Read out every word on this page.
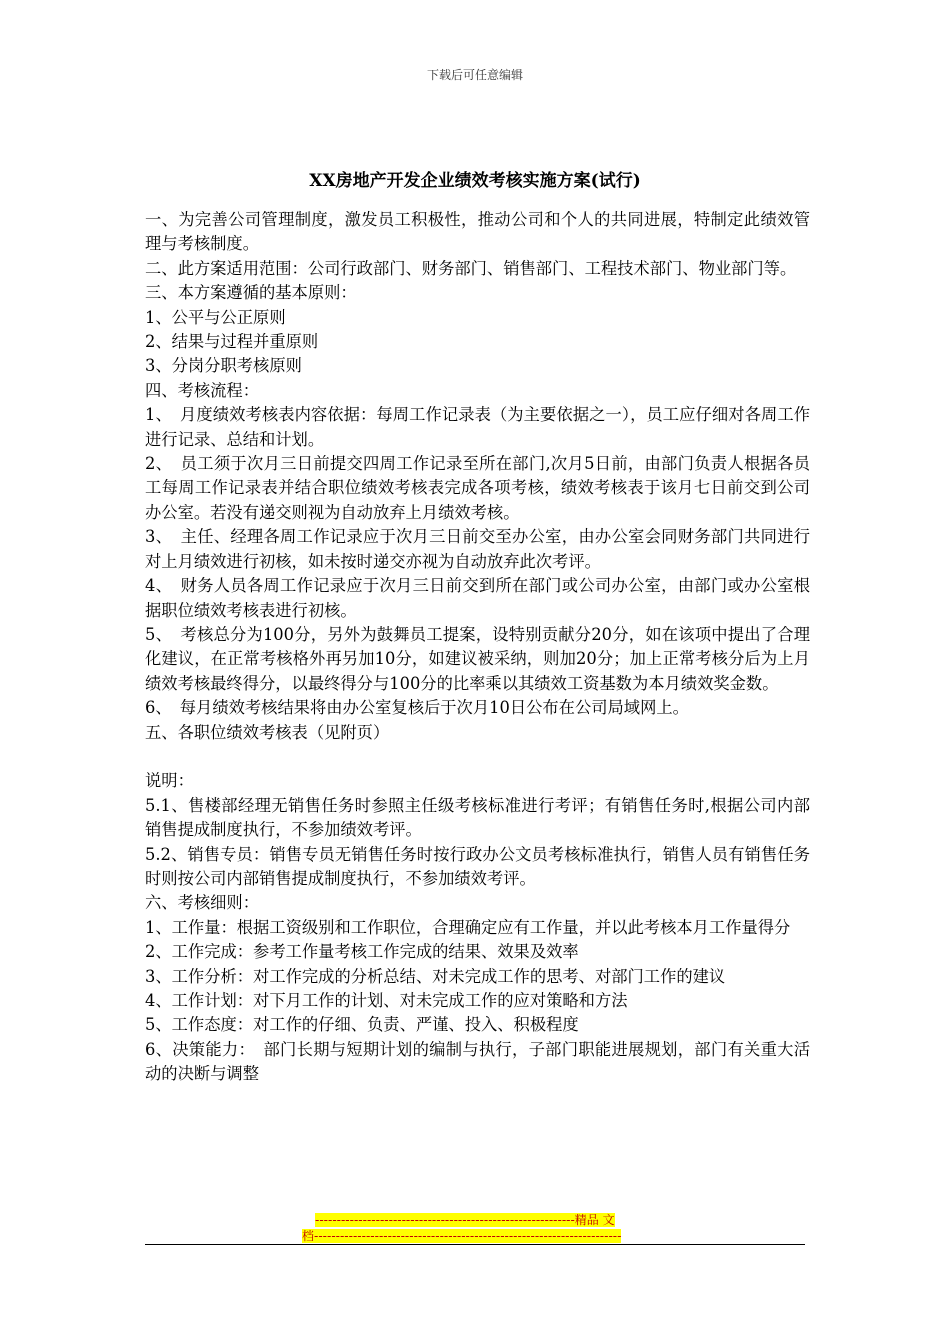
下载后可任意编辑
XX房地产开发企业绩效考核实施方案(试行)

一、为完善公司管理制度，激发员工积极性，推动公司和个人的共同进展，特制定此绩效管理与考核制度。

二、此方案适用范围：公司行政部门、财务部门、销售部门、工程技术部门、物业部门等。

三、本方案遵循的基本原则：

1、公平与公正原则

2、结果与过程并重原则

3、分岗分职考核原则

四、考核流程：

1、　月度绩效考核表内容依据：每周工作记录表（为主要依据之一），员工应仔细对各周工作进行记录、总结和计划。

2、　员工须于次月三日前提交四周工作记录至所在部门,次月5日前，由部门负责人根据各员工每周工作记录表并结合职位绩效考核表完成各项考核，绩效考核表于该月七日前交到公司办公室。若没有递交则视为自动放弃上月绩效考核。

3、　主任、经理各周工作记录应于次月三日前交至办公室，由办公室会同财务部门共同进行对上月绩效进行初核，如未按时递交亦视为自动放弃此次考评。

4、　财务人员各周工作记录应于次月三日前交到所在部门或公司办公室，由部门或办公室根据职位绩效考核表进行初核。

5、　考核总分为100分，另外为鼓舞员工提案，设特别贡献分20分，如在该项中提出了合理化建议，在正常考核格外再另加10分，如建议被采纳，则加20分；加上正常考核分后为上月绩效考核最终得分，以最终得分与100分的比率乘以其绩效工资基数为本月绩效奖金数。

6、　每月绩效考核结果将由办公室复核后于次月10日公布在公司局域网上。

五、各职位绩效考核表（见附页）

说明：

5.1、售楼部经理无销售任务时参照主任级考核标准进行考评；有销售任务时,根据公司内部销售提成制度执行，不参加绩效考评。

5.2、销售专员：销售专员无销售任务时按行政办公文员考核标准执行，销售人员有销售任务时则按公司内部销售提成制度执行，不参加绩效考评。

六、考核细则：

1、工作量：根据工资级别和工作职位，合理确定应有工作量，并以此考核本月工作量得分

2、工作完成：参考工作量考核工作完成的结果、效果及效率

3、工作分析：对工作完成的分析总结、对未完成工作的思考、对部门工作的建议

4、工作计划：对下月工作的计划、对未完成工作的应对策略和方法

5、工作态度：对工作的仔细、负责、严谨、投入、积极程度

6、决策能力：　部门长期与短期计划的编制与执行，子部门职能进展规划，部门有关重大活动的决断与调整

------------------------------------------------------------精品 文
档-----------------------------------------------------------------------
